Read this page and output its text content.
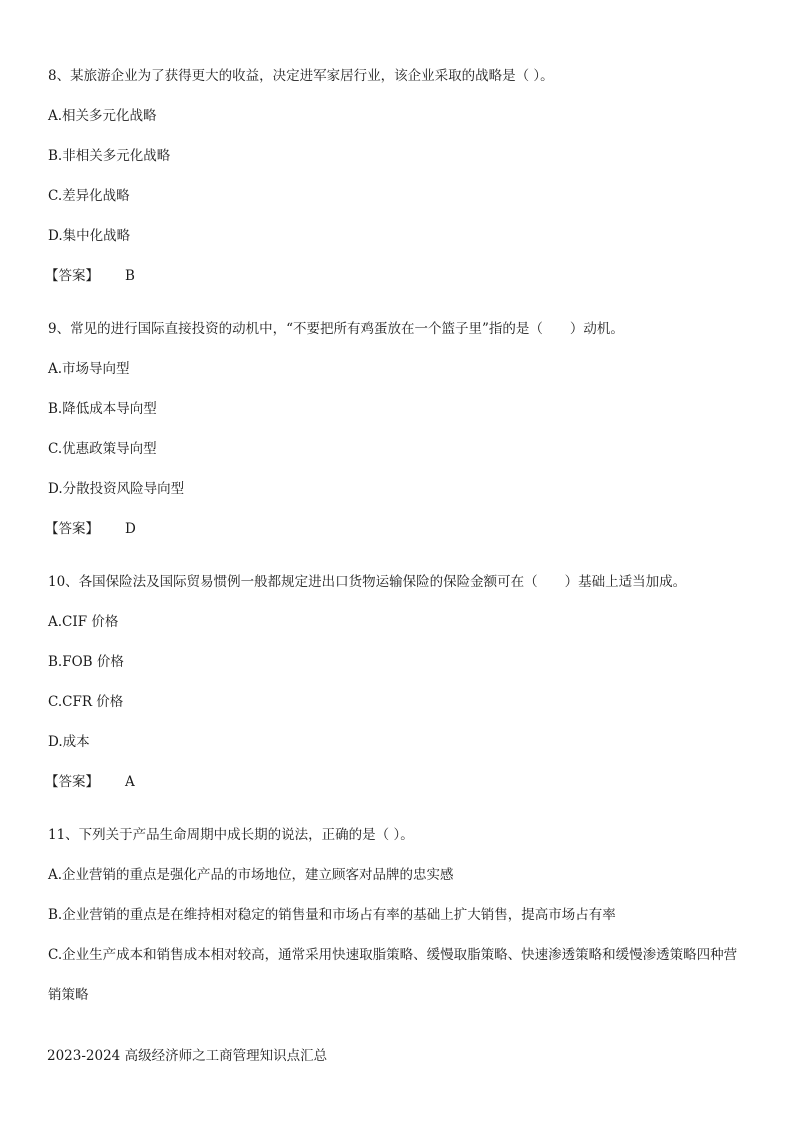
8、某旅游企业为了获得更大的收益，决定进军家居行业，该企业采取的战略是（ ）。
A.相关多元化战略
B.非相关多元化战略
C.差异化战略
D.集中化战略
【答案】 B
9、常见的进行国际直接投资的动机中，“不要把所有鸡蛋放在一个篮子里”指的是（　　）动机。
A.市场导向型
B.降低成本导向型
C.优惠政策导向型
D.分散投资风险导向型
【答案】 D
10、各国保险法及国际贸易惯例一般都规定进出口货物运输保险的保险金额可在（　　）基础上适当加成。
A.CIF 价格
B.FOB 价格
C.CFR 价格
D.成本
【答案】 A
11、下列关于产品生命周期中成长期的说法，正确的是（ ）。
A.企业营销的重点是强化产品的市场地位，建立顾客对品牌的忠实感
B.企业营销的重点是在维持相对稳定的销售量和市场占有率的基础上扩大销售，提高市场占有率
C.企业生产成本和销售成本相对较高，通常采用快速取脂策略、缓慢取脂策略、快速渗透策略和缓慢渗透策略四种营销策略
2023-2024 高级经济师之工商管理知识点汇总
